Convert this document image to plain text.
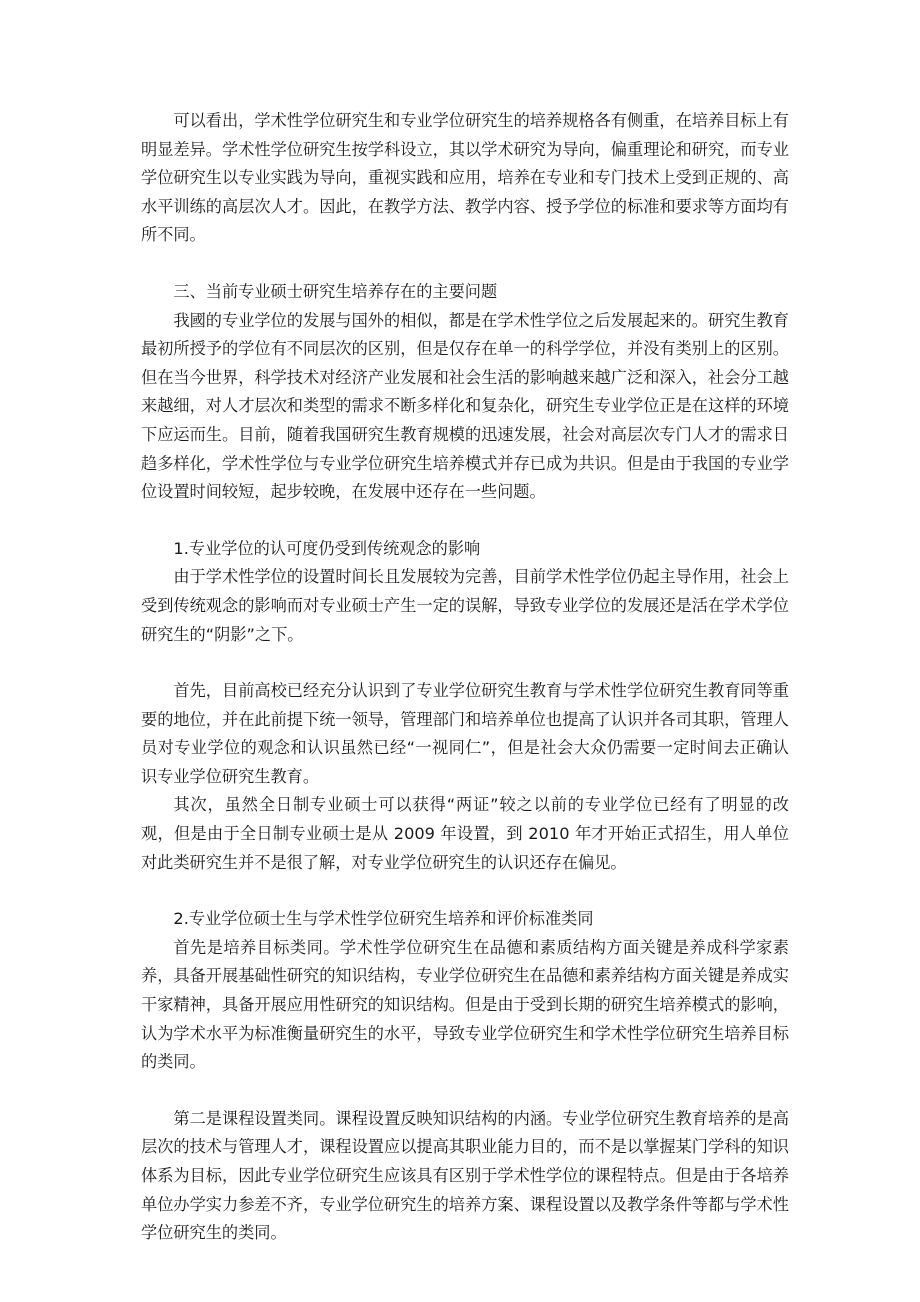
可以看出，学术性学位研究生和专业学位研究生的培养规格各有侧重，在培养目标上有明显差异。学术性学位研究生按学科设立，其以学术研究为导向，偏重理论和研究，而专业学位研究生以专业实践为导向，重视实践和应用，培养在专业和专门技术上受到正规的、高水平训练的高层次人才。因此，在教学方法、教学内容、授予学位的标准和要求等方面均有所不同。

三、当前专业硕士研究生培养存在的主要问题

我國的专业学位的发展与国外的相似，都是在学术性学位之后发展起来的。研究生教育最初所授予的学位有不同层次的区别，但是仅存在单一的科学学位，并没有类别上的区别。但在当今世界，科学技术对经济产业发展和社会生活的影响越来越广泛和深入，社会分工越来越细，对人才层次和类型的需求不断多样化和复杂化，研究生专业学位正是在这样的环境下应运而生。目前，随着我国研究生教育规模的迅速发展，社会对高层次专门人才的需求日趋多样化，学术性学位与专业学位研究生培养模式并存已成为共识。但是由于我国的专业学位设置时间较短，起步较晚，在发展中还存在一些问题。

1.专业学位的认可度仍受到传统观念的影响

由于学术性学位的设置时间长且发展较为完善，目前学术性学位仍起主导作用，社会上受到传统观念的影响而对专业硕士产生一定的误解，导致专业学位的发展还是活在学术学位研究生的“阴影”之下。

首先，目前高校已经充分认识到了专业学位研究生教育与学术性学位研究生教育同等重要的地位，并在此前提下统一领导，管理部门和培养单位也提高了认识并各司其职，管理人员对专业学位的观念和认识虽然已经“一视同仁”，但是社会大众仍需要一定时间去正确认识专业学位研究生教育。

其次，虽然全日制专业硕士可以获得“两证”较之以前的专业学位已经有了明显的改观，但是由于全日制专业硕士是从 2009 年设置，到 2010 年才开始正式招生，用人单位对此类研究生并不是很了解，对专业学位研究生的认识还存在偏见。

2.专业学位硕士生与学术性学位研究生培养和评价标准类同

首先是培养目标类同。学术性学位研究生在品德和素质结构方面关键是养成科学家素养，具备开展基础性研究的知识结构，专业学位研究生在品德和素养结构方面关键是养成实干家精神，具备开展应用性研究的知识结构。但是由于受到长期的研究生培养模式的影响，认为学术水平为标准衡量研究生的水平，导致专业学位研究生和学术性学位研究生培养目标的类同。

第二是课程设置类同。课程设置反映知识结构的内涵。专业学位研究生教育培养的是高层次的技术与管理人才，课程设置应以提高其职业能力目的，而不是以掌握某门学科的知识体系为目标，因此专业学位研究生应该具有区别于学术性学位的课程特点。但是由于各培养单位办学实力参差不齐，专业学位研究生的培养方案、课程设置以及教学条件等都与学术性学位研究生的类同。
